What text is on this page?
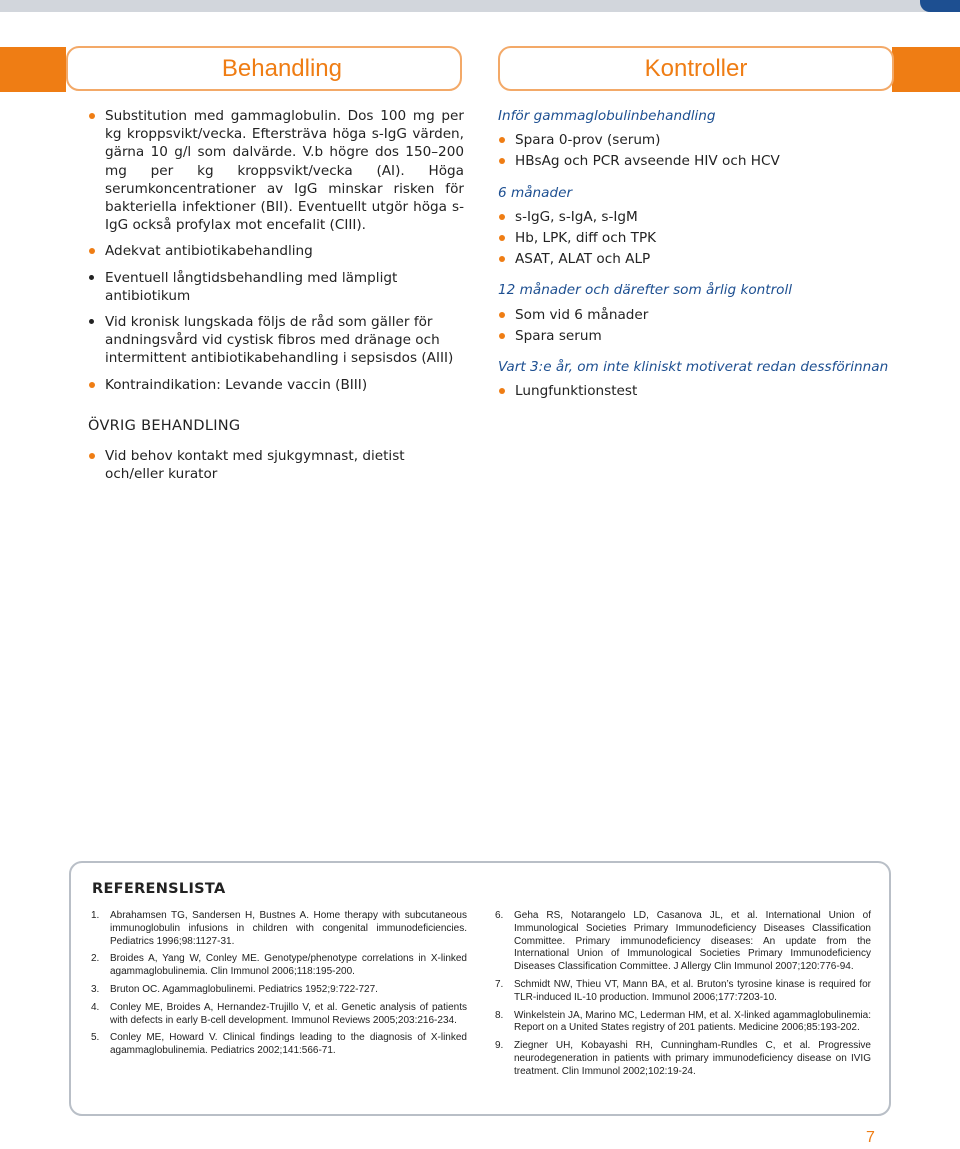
Behandling	Kontroller
Substitution med gammaglobulin. Dos 100 mg per kg kroppsvikt/vecka. Eftersträva höga s-IgG värden, gärna 10 g/l som dalvärde. V.b högre dos 150–200 mg per kg kroppsvikt/vecka (AI). Höga serumkoncentrationer av IgG minskar risken för bakteriella infektioner (BII). Eventuellt utgör höga s-IgG också profylax mot encefalit (CIII).
Adekvat antibiotikabehandling
Eventuell långtidsbehandling med lämpligt antibiotikum
Vid kronisk lungskada följs de råd som gäller för andningsvård vid cystisk fibros med dränage och intermittent antibiotikabehandling i sepsisdos (AIII)
Kontraindikation: Levande vaccin (BIII)
ÖVRIG BEHANDLING
Vid behov kontakt med sjukgymnast, dietist och/eller kurator
Inför gammaglobulinbehandling
Spara 0-prov (serum)
HBsAg och PCR avseende HIV och HCV
6 månader
s-IgG, s-IgA, s-IgM
Hb, LPK, diff och TPK
ASAT, ALAT och ALP
12 månader och därefter som årlig kontroll
Som vid 6 månader
Spara serum
Vart 3:e år, om inte kliniskt motiverat redan dessförinnan
Lungfunktionstest
REFERENSLISTA
1. Abrahamsen TG, Sandersen H, Bustnes A. Home therapy with subcutaneous immunoglobulin infusions in children with congenital immunodeficiencies. Pediatrics 1996;98:1127-31.
2. Broides A, Yang W, Conley ME. Genotype/phenotype correlations in X-linked agammaglobulinemia. Clin Immunol 2006;118:195-200.
3. Bruton OC. Agammaglobulinemi. Pediatrics 1952;9:722-727.
4. Conley ME, Broides A, Hernandez-Trujillo V, et al. Genetic analysis of patients with defects in early B-cell development. Immunol Reviews 2005;203:216-234.
5. Conley ME, Howard V. Clinical findings leading to the diagnosis of X-linked agammaglobulinemia. Pediatrics 2002;141:566-71.
6. Geha RS, Notarangelo LD, Casanova JL, et al. International Union of Immunological Societies Primary Immunodeficiency Diseases Classification Committee. Primary immunodeficiency diseases: An update from the International Union of Immunological Societies Primary Immunodeficiency Diseases Classification Committee. J Allergy Clin Immunol 2007;120:776-94.
7. Schmidt NW, Thieu VT, Mann BA, et al. Bruton’s tyrosine kinase is required for TLR-induced IL-10 production. Immunol 2006;177:7203-10.
8. Winkelstein JA, Marino MC, Lederman HM, et al. X-linked agammaglobulinemia: Report on a United States registry of 201 patients. Medicine 2006;85:193-202.
9. Ziegner UH, Kobayashi RH, Cunningham-Rundles C, et al. Progressive neurodegeneration in patients with primary immunodeficiency disease on IVIG treatment. Clin Immunol 2002;102:19-24.
7
